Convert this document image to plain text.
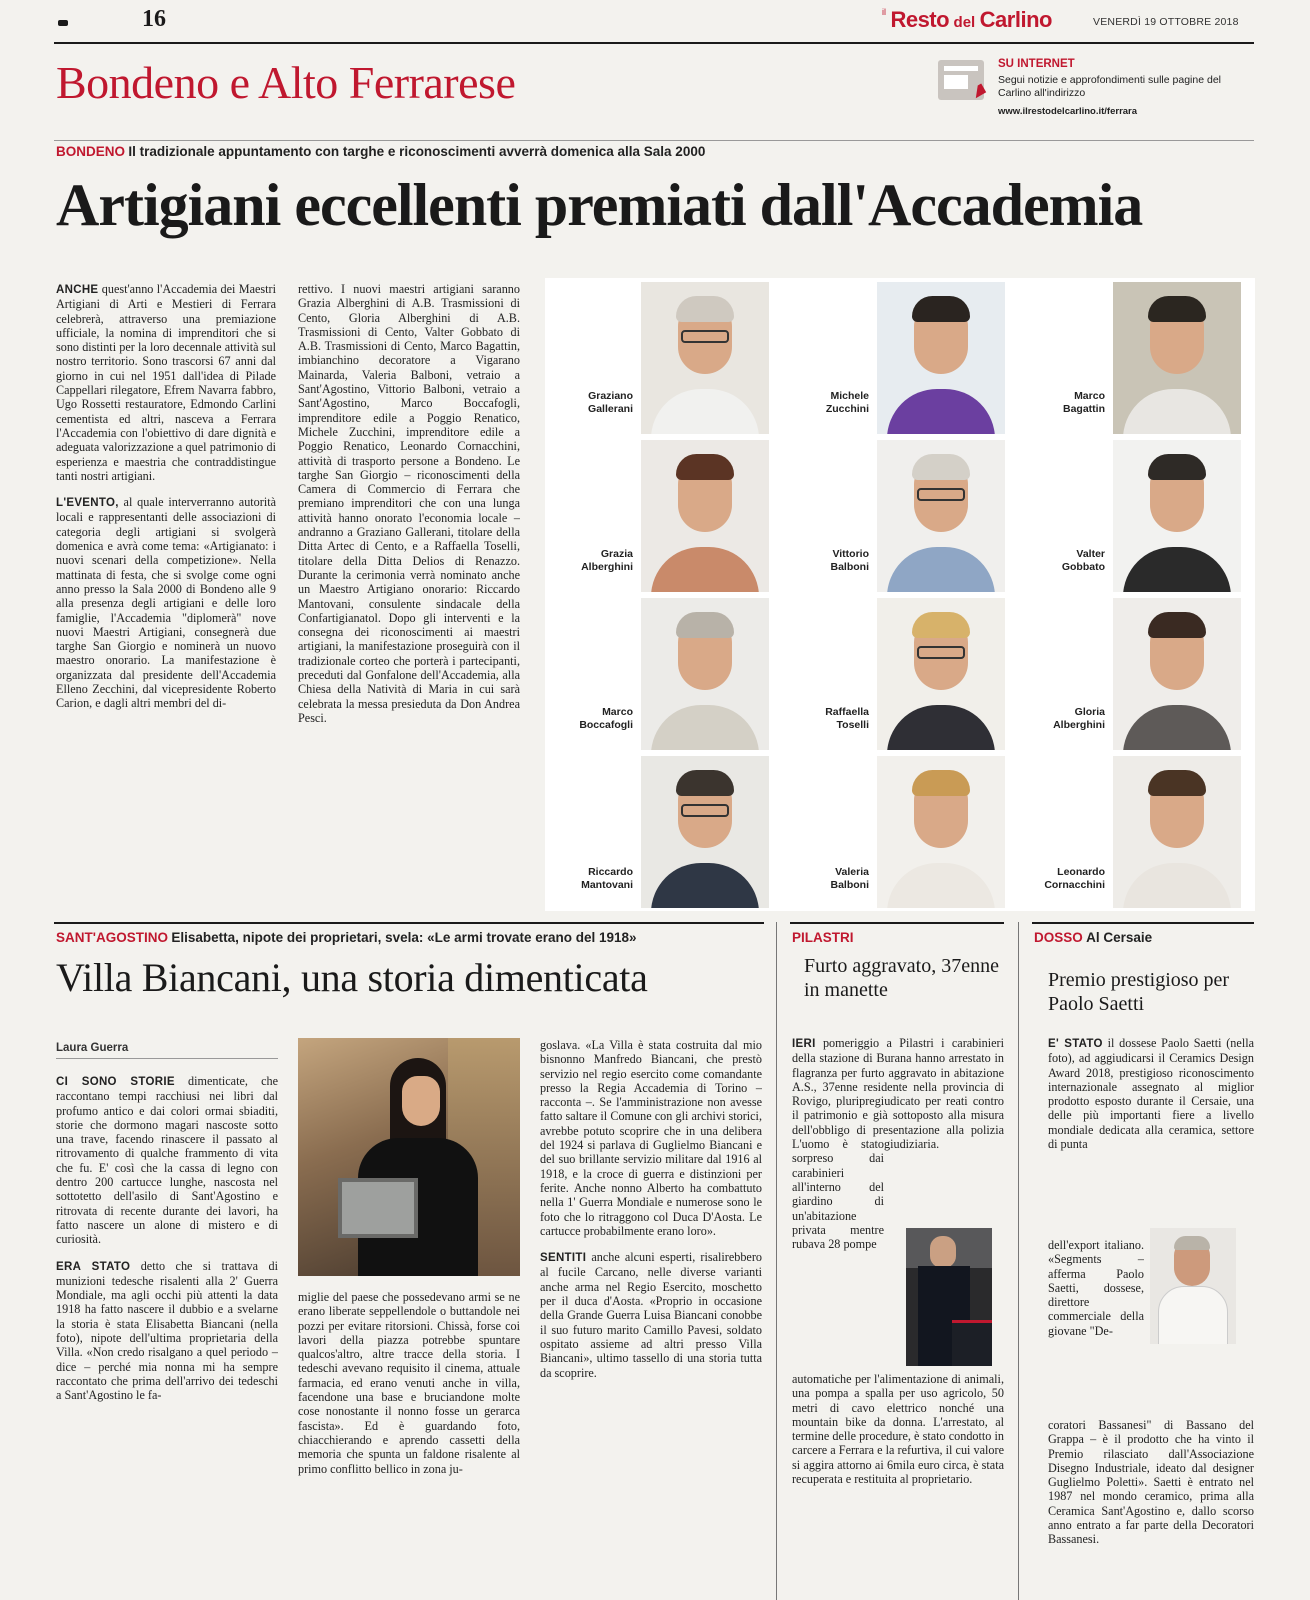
16	$^{il}$ Resto del Carlino	VENERDÌ 19 OTTOBRE 2018
Bondeno e Alto Ferrarese	SU INTERNET
Segui notizie e approfondimenti sulle pagine del Carlino all'indirizzo
www.ilrestodelcarlino.it/ferrara
BONDENO Il tradizionale appuntamento con targhe e riconoscimenti avverrà domenica alla Sala 2000
Artigiani eccellenti premiati dall'Accademia

ANCHE quest'anno l'Accademia dei Maestri Artigiani di Arti e Mestieri di Ferrara celebrerà, attraverso una premiazione ufficiale, la nomina di imprenditori che si sono distinti per la loro decennale attività sul nostro territorio. Sono trascorsi 67 anni dal giorno in cui nel 1951 dall'idea di Pilade Cappellari rilegatore, Efrem Navarra fabbro, Ugo Rossetti restauratore, Edmondo Carlini cementista ed altri, nasceva a Ferrara l'Accademia con l'obiettivo di dare dignità e adeguata valorizzazione a quel patrimonio di esperienza e maestria che contraddistingue tanti nostri artigiani.

L'EVENTO, al quale interverranno autorità locali e rappresentanti delle associazioni di categoria degli artigiani si svolgerà domenica e avrà come tema: «Artigianato: i nuovi scenari della competizione». Nella mattinata di festa, che si svolge come ogni anno presso la Sala 2000 di Bondeno alle 9 alla presenza degli artigiani e delle loro famiglie, l'Accademia "diplomerà" nove nuovi Maestri Artigiani, consegnerà due targhe San Giorgio e nominerà un nuovo maestro onorario. La manifestazione è organizzata dal presidente dell'Accademia Elleno Zecchini, dal vicepresidente Roberto Carion, e dagli altri membri del di-

rettivo. I nuovi maestri artigiani saranno Grazia Alberghini di A.B. Trasmissioni di Cento, Gloria Alberghini di A.B. Trasmissioni di Cento, Valter Gobbato di A.B. Trasmissioni di Cento, Marco Bagattin, imbianchino decoratore a Vigarano Mainarda, Valeria Balboni, vetraio a Sant'Agostino, Vittorio Balboni, vetraio a Sant'Agostino, Marco Boccafogli, imprenditore edile a Poggio Renatico, Michele Zucchini, imprenditore edile a Poggio Renatico, Leonardo Cornacchini, attività di trasporto persone a Bondeno. Le targhe San Giorgio – riconoscimenti della Camera di Commercio di Ferrara che premiano imprenditori che con una lunga attività hanno onorato l'economia locale – andranno a Graziano Gallerani, titolare della Ditta Artec di Cento, e a Raffaella Toselli, titolare della Ditta Delios di Renazzo. Durante la cerimonia verrà nominato anche un Maestro Artigiano onorario: Riccardo Mantovani, consulente sindacale della Confartigianatol. Dopo gli interventi e la consegna dei riconoscimenti ai maestri artigiani, la manifestazione proseguirà con il tradizionale corteo che porterà i partecipanti, preceduti dal Gonfalone dell'Accademia, alla Chiesa della Natività di Maria in cui sarà celebrata la messa presieduta da Don Andrea Pesci.

Graziano
Gallerani
Michele
Zucchini
Marco
Bagattin
Grazia
Alberghini
Vittorio
Balboni
Valter
Gobbato
Marco
Boccafogli
Raffaella
Toselli
Gloria
Alberghini
Riccardo
Mantovani
Valeria
Balboni
Leonardo
Cornacchini
SANT'AGOSTINO Elisabetta, nipote dei proprietari, svela: «Le armi trovate erano del 1918»
Villa Biancani, una storia dimenticata
Laura Guerra

CI SONO STORIE dimenticate, che raccontano tempi racchiusi nei libri dal profumo antico e dai colori ormai sbiaditi, storie che dormono magari nascoste sotto una trave, facendo rinascere il passato al ritrovamento di qualche frammento di vita che fu. E' così che la cassa di legno con dentro 200 cartucce lunghe, nascosta nel sottotetto dell'asilo di Sant'Agostino e ritrovata di recente durante dei lavori, ha fatto nascere un alone di mistero e di curiosità.

ERA STATO detto che si trattava di munizioni tedesche risalenti alla 2' Guerra Mondiale, ma agli occhi più attenti la data 1918 ha fatto nascere il dubbio e a svelarne la storia è stata Elisabetta Biancani (nella foto), nipote dell'ultima proprietaria della Villa. «Non credo risalgano a quel periodo – dice – perché mia nonna mi ha sempre raccontato che prima dell'arrivo dei tedeschi a Sant'Agostino le fa-

miglie del paese che possedevano armi se ne erano liberate seppellendole o buttandole nei pozzi per evitare ritorsioni. Chissà, forse coi lavori della piazza potrebbe spuntare qualcos'altro, altre tracce della storia. I tedeschi avevano requisito il cinema, attuale farmacia, ed erano venuti anche in villa, facendone una base e bruciandone molte cose nonostante il nonno fosse un gerarca fascista». Ed è guardando foto, chiacchierando e aprendo cassetti della memoria che spunta un faldone risalente al primo conflitto bellico in zona ju-

goslava. «La Villa è stata costruita dal mio bisnonno Manfredo Biancani, che prestò servizio nel regio esercito come comandante presso la Regia Accademia di Torino – racconta –. Se l'amministrazione non avesse fatto saltare il Comune con gli archivi storici, avrebbe potuto scoprire che in una delibera del 1924 si parlava di Guglielmo Biancani e del suo brillante servizio militare dal 1916 al 1918, e la croce di guerra e distinzioni per ferite. Anche nonno Alberto ha combattuto nella 1' Guerra Mondiale e numerose sono le foto che lo ritraggono col Duca D'Aosta. Le cartucce probabilmente erano loro».

SENTITI anche alcuni esperti, risalirebbero al fucile Carcano, nelle diverse varianti anche arma nel Regio Esercito, moschetto per il duca d'Aosta. «Proprio in occasione della Grande Guerra Luisa Biancani conobbe il suo futuro marito Camillo Pavesi, soldato ospitato assieme ad altri presso Villa Biancani», ultimo tassello di una storia tutta da scoprire.

PILASTRI
Furto aggravato, 37enne in manette

IERI pomeriggio a Pilastri i carabinieri della stazione di Burana hanno arrestato in flagranza per furto aggravato in abitazione A.S., 37enne residente nella provincia di Rovigo, pluripregiudicato per reati contro il patrimonio e già sottoposto alla misura dell'obbligo di presentazione alla polizia giudiziaria.
L'uomo è stato sorpreso dai carabinieri all'interno del giardino di un'abitazione privata mentre rubava 28 pompe

automatiche per l'alimentazione di animali, una pompa a spalla per uso agricolo, 50 metri di cavo elettrico nonché una mountain bike da donna. L'arrestato, al termine delle procedure, è stato condotto in carcere a Ferrara e la refurtiva, il cui valore si aggira attorno ai 6mila euro circa, è stata recuperata e restituita al proprietario.

DOSSO Al Cersaie
Premio prestigioso per Paolo Saetti

E' STATO il dossese Paolo Saetti (nella foto), ad aggiudicarsi il Ceramics Design Award 2018, prestigioso riconoscimento internazionale assegnato al miglior prodotto esposto durante il Cersaie, una delle più importanti fiere a livello mondiale dedicata alla ceramica, settore di punta

dell'export italiano. «Segments – afferma Paolo Saetti, dossese, direttore commerciale della giovane "De-

coratori Bassanesi" di Bassano del Grappa – è il prodotto che ha vinto il Premio rilasciato dall'Associazione Disegno Industriale, ideato dal designer Guglielmo Poletti». Saetti è entrato nel 1987 nel mondo ceramico, prima alla Ceramica Sant'Agostino e, dallo scorso anno entrato a far parte della Decoratori Bassanesi.
